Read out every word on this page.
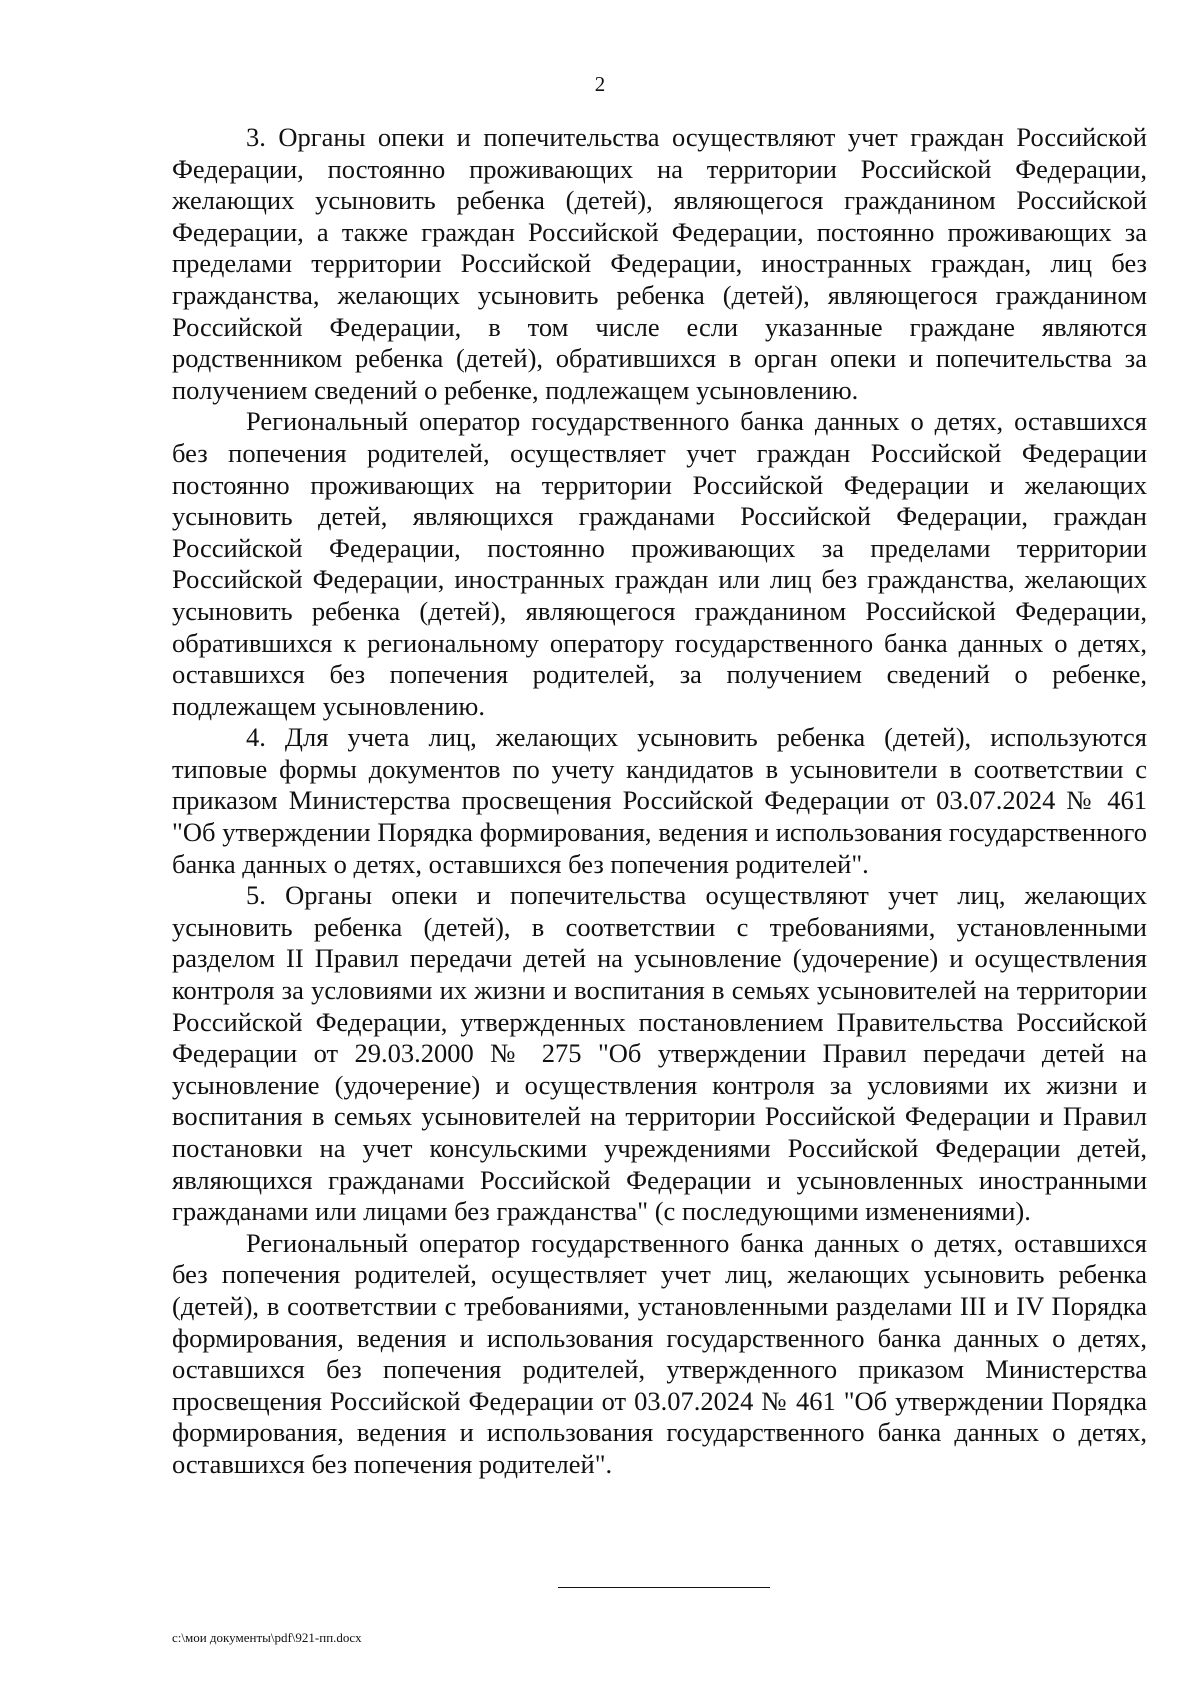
2

3. Органы опеки и попечительства осуществляют учет граждан Российской Федерации, постоянно проживающих на территории Российской Федерации, желающих усыновить ребенка (детей), являющегося гражданином Российской Федерации, а также граждан Российской Федерации, постоянно проживающих за пределами территории Российской Федерации, иностранных граждан, лиц без гражданства, желающих усыновить ребенка (детей), являющегося гражданином Российской Федерации, в том числе если указанные граждане являются родственником ребенка (детей), обратившихся в орган опеки и попечительства за получением сведений о ребенке, подлежащем усыновлению.

Региональный оператор государственного банка данных о детях, оставшихся без попечения родителей, осуществляет учет граждан Российской Федерации постоянно проживающих на территории Российской Федерации и желающих усыновить детей, являющихся гражданами Российской Федерации, граждан Российской Федерации, постоянно проживающих за пределами территории Российской Федерации, иностранных граждан или лиц без гражданства, желающих усыновить ребенка (детей), являющегося гражданином Российской Федерации, обратившихся к региональному оператору государственного банка данных о детях, оставшихся без попечения родителей, за получением сведений о ребенке, подлежащем усыновлению.

4. Для учета лиц, желающих усыновить ребенка (детей), используются типовые формы документов по учету кандидатов в усыновители в соответствии с приказом Министерства просвещения Российской Федерации от 03.07.2024 № 461 "Об утверждении Порядка формирования, ведения и использования государственного банка данных о детях, оставшихся без попечения родителей".

5. Органы опеки и попечительства осуществляют учет лиц, желающих усыновить ребенка (детей), в соответствии с требованиями, установленными разделом II Правил передачи детей на усыновление (удочерение) и осуществления контроля за условиями их жизни и воспитания в семьях усыновителей на территории Российской Федерации, утвержденных постановлением Правительства Российской Федерации от 29.03.2000 № 275 "Об утверждении Правил передачи детей на усыновление (удочерение) и осуществления контроля за условиями их жизни и воспитания в семьях усыновителей на территории Российской Федерации и Правил постановки на учет консульскими учреждениями Российской Федерации детей, являющихся гражданами Российской Федерации и усыновленных иностранными гражданами или лицами без гражданства" (с последующими изменениями).

Региональный оператор государственного банка данных о детях, оставшихся без попечения родителей, осуществляет учет лиц, желающих усыновить ребенка (детей), в соответствии с требованиями, установленными разделами III и IV Порядка формирования, ведения и использования государственного банка данных о детях, оставшихся без попечения родителей, утвержденного приказом Министерства просвещения Российской Федерации от 03.07.2024 № 461 "Об утверждении Порядка формирования, ведения и использования государственного банка данных о детях, оставшихся без попечения родителей".

c:\мои документы\pdf\921-пп.docx
